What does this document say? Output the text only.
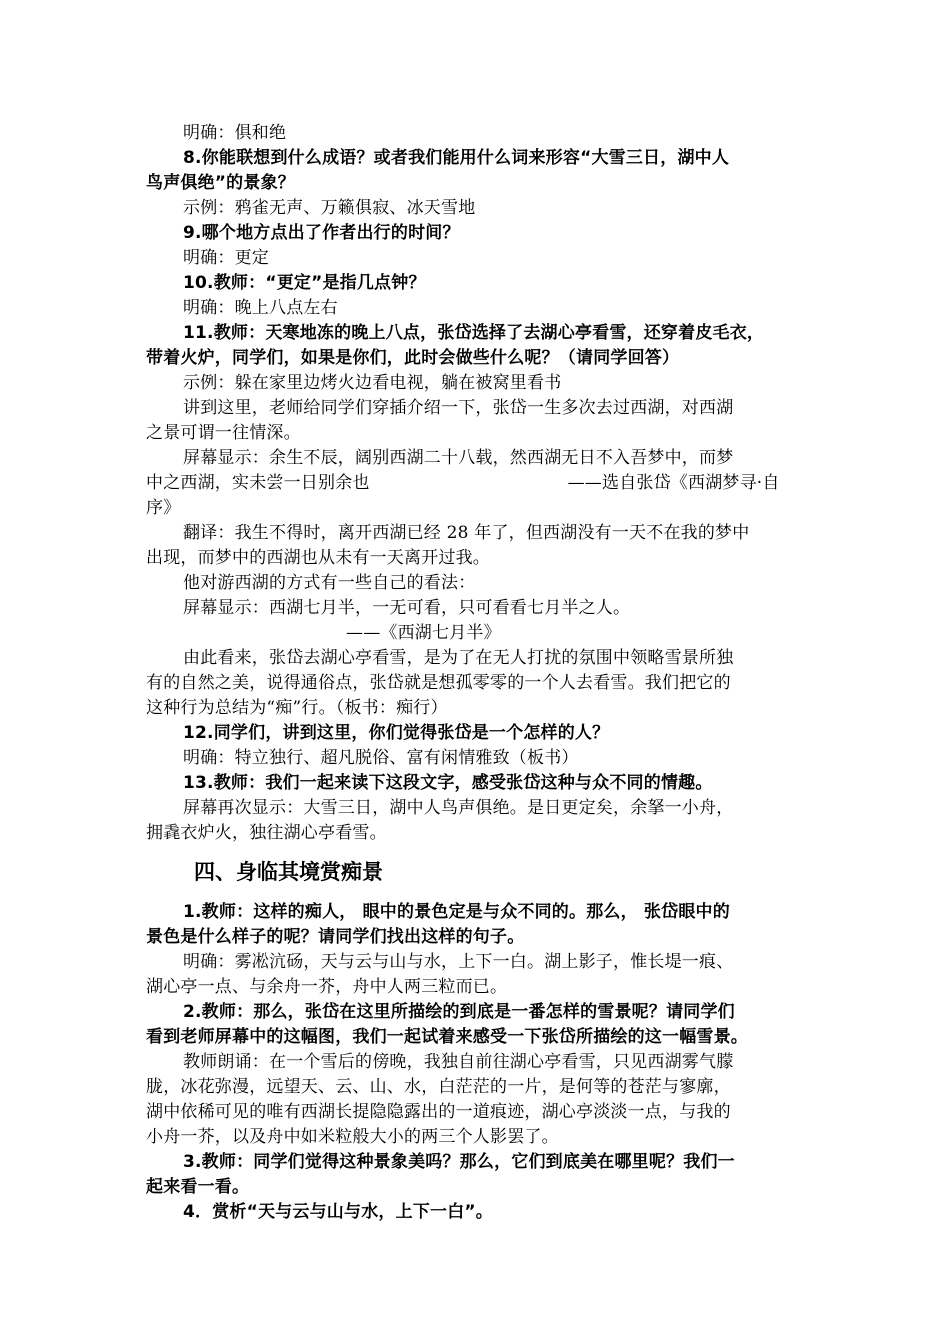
明确：俱和绝
8.你能联想到什么成语？或者我们能用什么词来形容“大雪三日，湖中人
鸟声俱绝”的景象？
示例：鸦雀无声、万籁俱寂、冰天雪地
9.哪个地方点出了作者出行的时间？
明确：更定
10.教师：“更定”是指几点钟？
明确：晚上八点左右
11.教师：天寒地冻的晚上八点，张岱选择了去湖心亭看雪，还穿着皮毛衣，
带着火炉，同学们，如果是你们，此时会做些什么呢？（请同学回答）
示例：躲在家里边烤火边看电视，躺在被窝里看书
讲到这里，老师给同学们穿插介绍一下，张岱一生多次去过西湖，对西湖
之景可谓一往情深。
屏幕显示：余生不辰，阔别西湖二十八载，然西湖无日不入吾梦中，而梦
中之西湖，实未尝一日别余也	——选自张岱《西湖梦寻·自
序》
翻译：我生不得时，离开西湖已经 28 年了，但西湖没有一天不在我的梦中
出现，而梦中的西湖也从未有一天离开过我。
他对游西湖的方式有一些自己的看法：
屏幕显示：西湖七月半，一无可看，只可看看七月半之人。
——《西湖七月半》
由此看来，张岱去湖心亭看雪，是为了在无人打扰的氛围中领略雪景所独
有的自然之美，说得通俗点，张岱就是想孤零零的一个人去看雪。我们把它的
这种行为总结为“痴”行。（板书：痴行）
12.同学们，讲到这里，你们觉得张岱是一个怎样的人？
明确：特立独行、超凡脱俗、富有闲情雅致（板书）
13.教师：我们一起来读下这段文字，感受张岱这种与众不同的情趣。
屏幕再次显示：大雪三日，湖中人鸟声俱绝。是日更定矣，余拏一小舟，
拥毳衣炉火，独往湖心亭看雪。
四、身临其境赏痴景
1.教师：这样的痴人， 眼中的景色定是与众不同的。那么， 张岱眼中的
景色是什么样子的呢？请同学们找出这样的句子。
明确：雾凇沆砀，天与云与山与水，上下一白。湖上影子，惟长堤一痕、
湖心亭一点、与余舟一芥，舟中人两三粒而已。
2.教师：那么，张岱在这里所描绘的到底是一番怎样的雪景呢？请同学们
看到老师屏幕中的这幅图，我们一起试着来感受一下张岱所描绘的这一幅雪景。
教师朗诵：在一个雪后的傍晚，我独自前往湖心亭看雪，只见西湖雾气朦
胧，冰花弥漫，远望天、云、山、水，白茫茫的一片，是何等的苍茫与寥廓，
湖中依稀可见的唯有西湖长提隐隐露出的一道痕迹，湖心亭淡淡一点，与我的
小舟一芥，以及舟中如米粒般大小的两三个人影罢了。
3.教师：同学们觉得这种景象美吗？那么，它们到底美在哪里呢？我们一
起来看一看。
4．赏析“天与云与山与水，上下一白”。
